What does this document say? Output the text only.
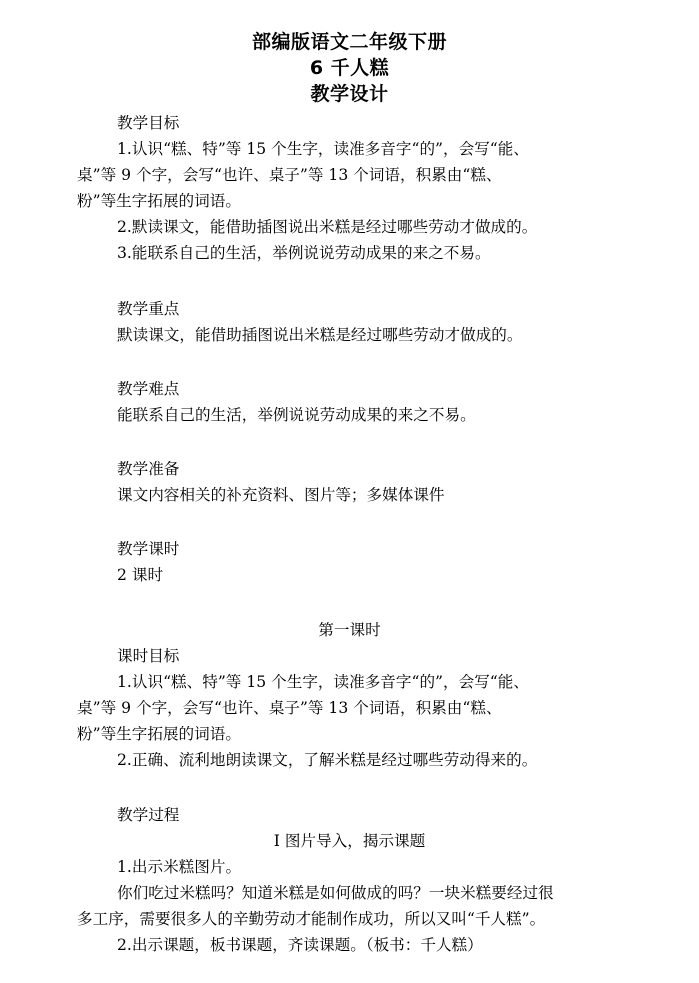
部编版语文二年级下册
6 千人糕
教学设计
教学目标
1.认识“糕、特”等 15 个生字，读准多音字“的”，会写“能、
桌”等 9 个字，会写“也许、桌子”等 13 个词语，积累由“糕、
粉”等生字拓展的词语。
2.默读课文，能借助插图说出米糕是经过哪些劳动才做成的。
3.能联系自己的生活，举例说说劳动成果的来之不易。
教学重点
默读课文，能借助插图说出米糕是经过哪些劳动才做成的。
教学难点
能联系自己的生活，举例说说劳动成果的来之不易。
教学准备
课文内容相关的补充资料、图片等；多媒体课件
教学课时
2 课时
第一课时
课时目标
1.认识“糕、特”等 15 个生字，读准多音字“的”，会写“能、
桌”等 9 个字，会写“也许、桌子”等 13 个词语，积累由“糕、
粉”等生字拓展的词语。
2.正确、流利地朗读课文，了解米糕是经过哪些劳动得来的。
教学过程
Ⅰ 图片导入，揭示课题
1.出示米糕图片。
你们吃过米糕吗？知道米糕是如何做成的吗？一块米糕要经过很
多工序，需要很多人的辛勤劳动才能制作成功，所以又叫“千人糕”。
2.出示课题，板书课题，齐读课题。（板书：千人糕）
